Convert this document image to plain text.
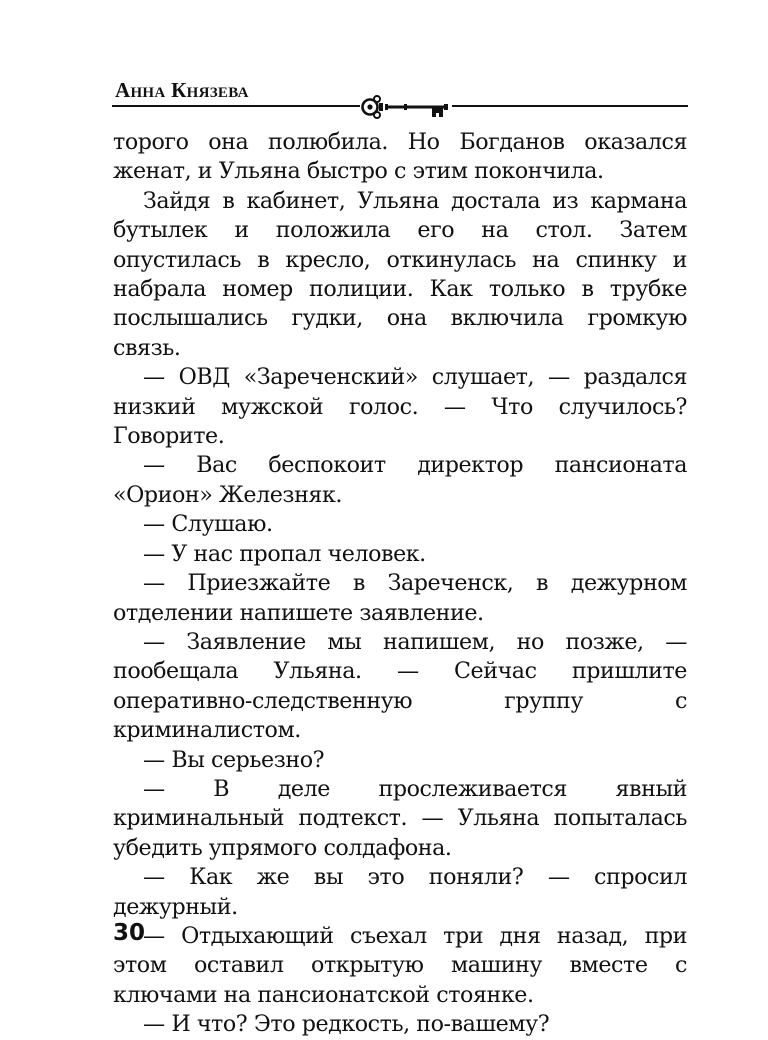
Анна Князева

торого она полюбила. Но Богданов оказался женат, и Ульяна быстро с этим покончила.

Зайдя в кабинет, Ульяна достала из кармана бутылек и положила его на стол. Затем опустилась в кресло, откинулась на спинку и набрала номер полиции. Как только в трубке послышались гудки, она включила громкую связь.

— ОВД «Зареченский» слушает, — раздался низкий мужской голос. — Что случилось? Говорите.

— Вас беспокоит директор пансионата «Орион» Железняк.

— Слушаю.

— У нас пропал человек.

— Приезжайте в Зареченск, в дежурном отделении напишете заявление.

— Заявление мы напишем, но позже, — пообещала Ульяна. — Сейчас пришлите оперативно-следственную группу с криминалистом.

— Вы серьезно?

— В деле прослеживается явный криминальный подтекст. — Ульяна попыталась убедить упрямого солдафона.

— Как же вы это поняли? — спросил дежурный.

— Отдыхающий съехал три дня назад, при этом оставил открытую машину вместе с ключами на пансионатской стоянке.

— И что? Это редкость, по-вашему?

30
